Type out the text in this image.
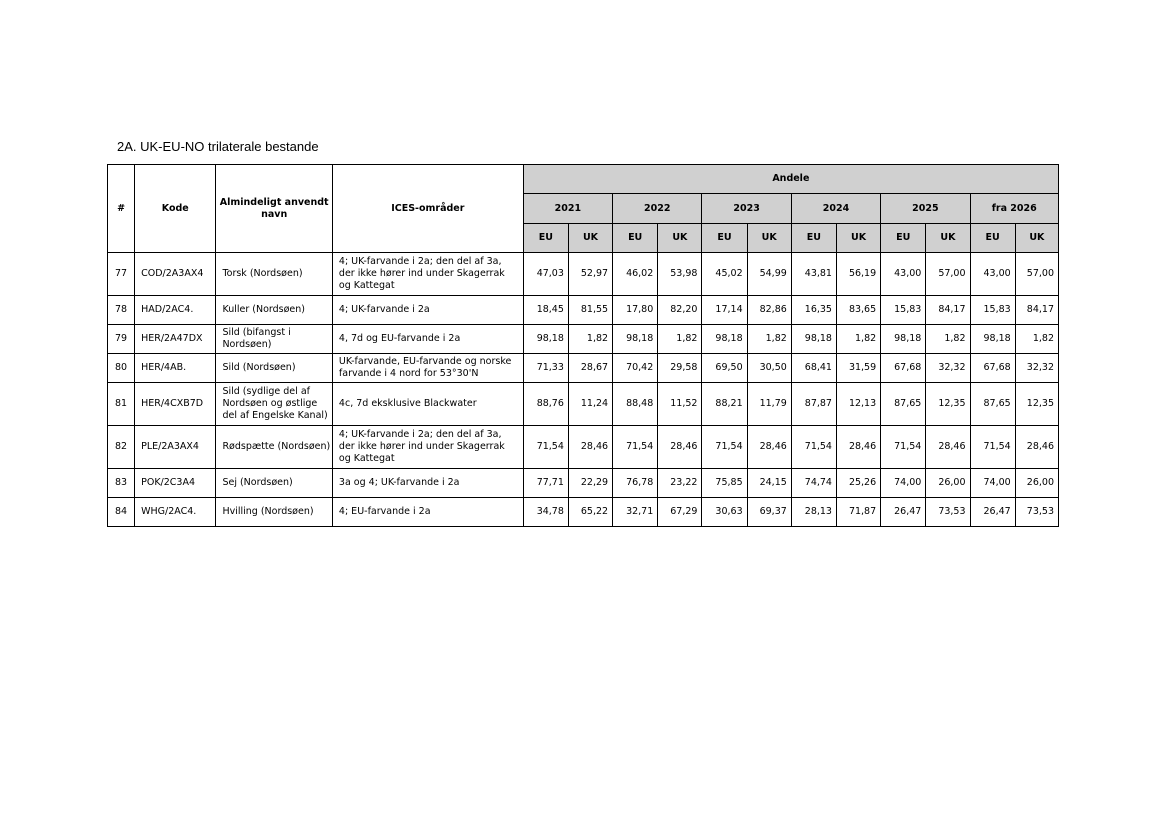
2A. UK-EU-NO trilaterale bestande
#	Kode	Almindeligt anvendt navn	ICES-områder	Andele											
				2021		2022		2023		2024		2025		fra 2026	
				EU	UK	EU	UK	EU	UK	EU	UK	EU	UK	EU	UK
77	COD/2A3AX4	Torsk (Nordsøen)	4; UK-farvande i 2a; den del af 3a, der ikke hører ind under Skagerrak og Kattegat	47,03	52,97	46,02	53,98	45,02	54,99	43,81	56,19	43,00	57,00	43,00	57,00
78	HAD/2AC4.	Kuller (Nordsøen)	4; UK-farvande i 2a	18,45	81,55	17,80	82,20	17,14	82,86	16,35	83,65	15,83	84,17	15,83	84,17
79	HER/2A47DX	Sild (bifangst i Nordsøen)	4, 7d og EU-farvande i 2a	98,18	1,82	98,18	1,82	98,18	1,82	98,18	1,82	98,18	1,82	98,18	1,82
80	HER/4AB.	Sild (Nordsøen)	UK-farvande, EU-farvande og norske farvande i 4 nord for 53°30'N	71,33	28,67	70,42	29,58	69,50	30,50	68,41	31,59	67,68	32,32	67,68	32,32
81	HER/4CXB7D	Sild (sydlige del af Nordsøen og østlige del af Engelske Kanal)	4c, 7d eksklusive Blackwater	88,76	11,24	88,48	11,52	88,21	11,79	87,87	12,13	87,65	12,35	87,65	12,35
82	PLE/2A3AX4	Rødspætte (Nordsøen)	4; UK-farvande i 2a; den del af 3a, der ikke hører ind under Skagerrak og Kattegat	71,54	28,46	71,54	28,46	71,54	28,46	71,54	28,46	71,54	28,46	71,54	28,46
83	POK/2C3A4	Sej (Nordsøen)	3a og 4; UK-farvande i 2a	77,71	22,29	76,78	23,22	75,85	24,15	74,74	25,26	74,00	26,00	74,00	26,00
84	WHG/2AC4.	Hvilling (Nordsøen)	4; EU-farvande i 2a	34,78	65,22	32,71	67,29	30,63	69,37	28,13	71,87	26,47	73,53	26,47	73,53
